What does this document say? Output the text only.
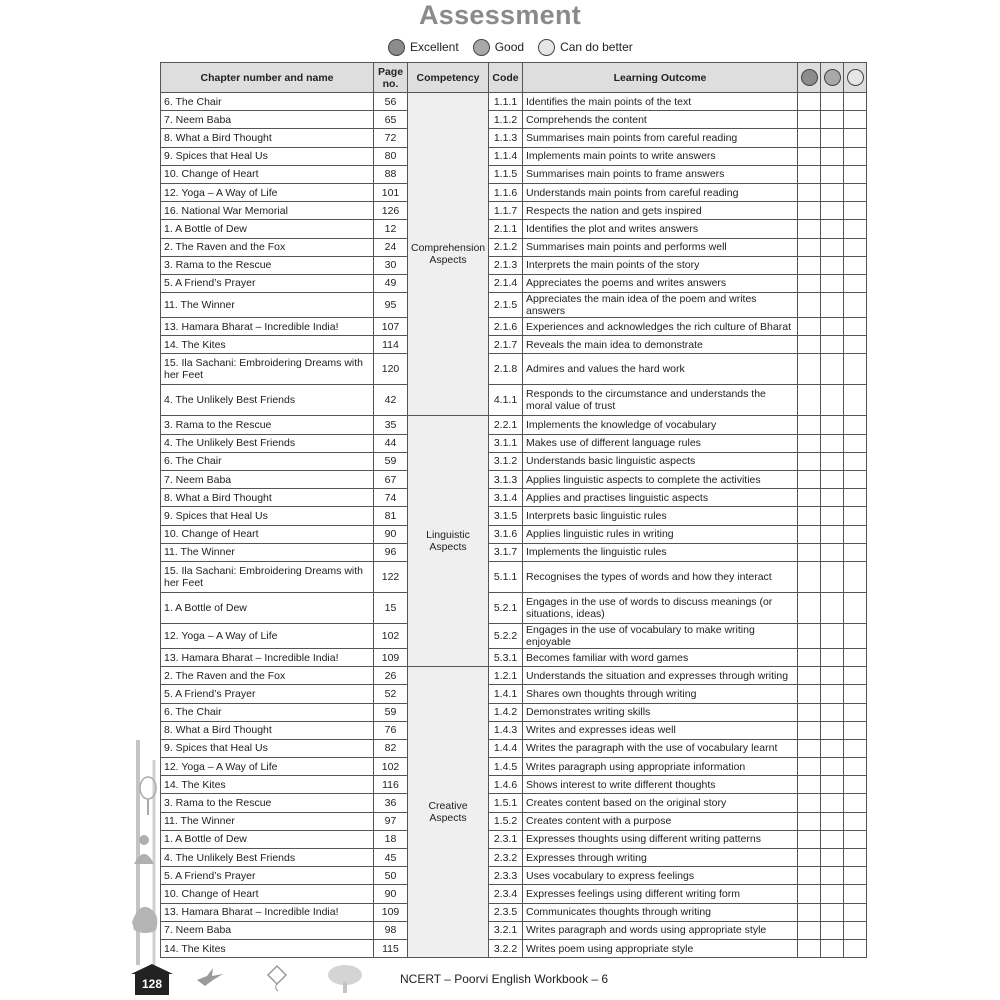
Assessment
Excellent	Good	Can do better
Chapter number and name	Page no.	Competency	Code	Learning Outcome			
6. The Chair	56	Comprehension Aspects	1.1.1	Identifies the main points of the text			
7. Neem Baba	65		1.1.2	Comprehends the content			
8. What a Bird Thought	72		1.1.3	Summarises main points from careful reading			
9. Spices that Heal Us	80		1.1.4	Implements main points to write answers			
10. Change of Heart	88		1.1.5	Summarises main points to frame answers			
12. Yoga – A Way of Life	101		1.1.6	Understands main points from careful reading			
16. National War Memorial	126		1.1.7	Respects the nation and gets inspired			
1. A Bottle of Dew	12		2.1.1	Identifies the plot and writes answers			
2. The Raven and the Fox	24		2.1.2	Summarises main points and performs well			
3. Rama to the Rescue	30		2.1.3	Interprets the main points of the story			
5. A Friend’s Prayer	49		2.1.4	Appreciates the poems and writes answers			
11. The Winner	95		2.1.5	Appreciates the main idea of the poem and writes answers			
13. Hamara Bharat – Incredible India!	107		2.1.6	Experiences and acknowledges the rich culture of Bharat			
14. The Kites	114		2.1.7	Reveals the main idea to demonstrate			
15. Ila Sachani: Embroidering Dreams with her Feet	120		2.1.8	Admires and values the hard work			
4. The Unlikely Best Friends	42		4.1.1	Responds to the circumstance and understands the moral value of trust			
3. Rama to the Rescue	35	Linguistic Aspects	2.2.1	Implements the knowledge of vocabulary			
4. The Unlikely Best Friends	44		3.1.1	Makes use of different language rules			
6. The Chair	59		3.1.2	Understands basic linguistic aspects			
7. Neem Baba	67		3.1.3	Applies linguistic aspects to complete the activities			
8. What a Bird Thought	74		3.1.4	Applies and practises linguistic aspects			
9. Spices that Heal Us	81		3.1.5	Interprets basic linguistic rules			
10. Change of Heart	90		3.1.6	Applies linguistic rules in writing			
11. The Winner	96		3.1.7	Implements the linguistic rules			
15. Ila Sachani: Embroidering Dreams with her Feet	122		5.1.1	Recognises the types of words and how they interact			
1. A Bottle of Dew	15		5.2.1	Engages in the use of words to discuss meanings (or situations, ideas)			
12. Yoga – A Way of Life	102		5.2.2	Engages in the use of vocabulary to make writing enjoyable			
13. Hamara Bharat – Incredible India!	109		5.3.1	Becomes familiar with word games			
2. The Raven and the Fox	26	Creative Aspects	1.2.1	Understands the situation and expresses through writing			
5. A Friend’s Prayer	52		1.4.1	Shares own thoughts through writing			
6. The Chair	59		1.4.2	Demonstrates writing skills			
8. What a Bird Thought	76		1.4.3	Writes and expresses ideas well			
9. Spices that Heal Us	82		1.4.4	Writes the paragraph with the use of vocabulary learnt			
12. Yoga – A Way of Life	102		1.4.5	Writes paragraph using appropriate information			
14. The Kites	116		1.4.6	Shows interest to write different thoughts			
3. Rama to the Rescue	36		1.5.1	Creates content based on the original story			
11. The Winner	97		1.5.2	Creates content with a purpose			
1. A Bottle of Dew	18		2.3.1	Expresses thoughts using different writing patterns			
4. The Unlikely Best Friends	45		2.3.2	Expresses through writing			
5. A Friend’s Prayer	50		2.3.3	Uses vocabulary to express feelings			
10. Change of Heart	90		2.3.4	Expresses feelings using different writing form			
13. Hamara Bharat – Incredible India!	109		2.3.5	Communicates thoughts through writing			
7. Neem Baba	98		3.2.1	Writes paragraph and words using appropriate style			
14. The Kites	115		3.2.2	Writes poem using appropriate style			
128	NCERT – Poorvi English Workbook – 6
